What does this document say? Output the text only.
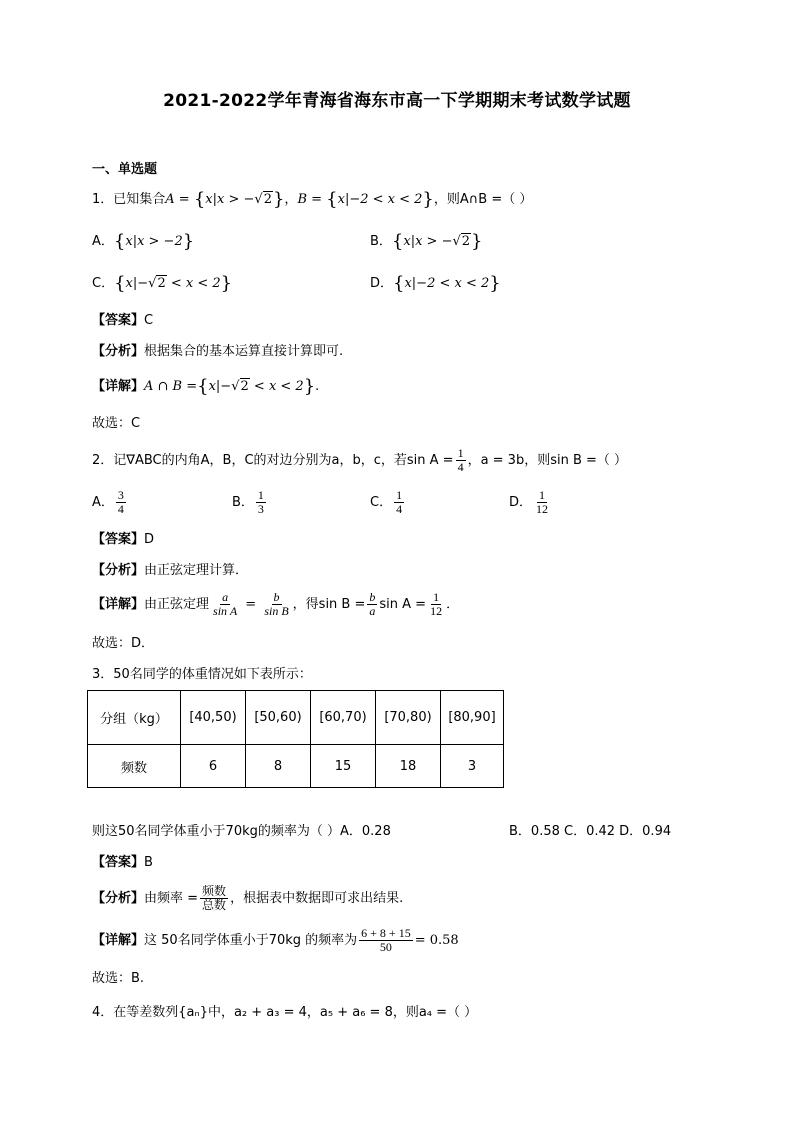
2021-2022学年青海省海东市高一下学期期末考试数学试题
一、单选题
1．已知集合A = {x|x > −√2}，B = {x|−2 < x < 2}，则A∩B =（ ）
A．{x|x > −2}	B．{x|x > −√2}
C．{x|−√2 < x < 2}	D．{x|−2 < x < 2}
【答案】C
【分析】根据集合的基本运算直接计算即可.
【详解】A ∩ B ={x|−√2 < x < 2}.
故选：C
2．记∇ABC的内角A，B，C的对边分别为a，b，c，若$\sin A = \frac{1}{4}$ ，a = 3b，则sin B =（ ）
A． $\frac{3}{4}$	B． $\frac{1}{3}$	C． $\frac{1}{4}$	D． $\frac{1}{12}$
【答案】D
【分析】由正弦定理计算．
【详解】由正弦定理 $\frac{a}{\text{sin A}} = \frac{b}{\text{sin B}}$ ，得$\sin B = \frac{b}{a}$ $\sin A = \frac{1}{12}$ ．
故选：D．
3．50名同学的体重情况如下表所示：
分组（kg）	[40,50)	[50,60)	[60,70)	[70,80)	[80,90]
频数	6	8	15	18	3
则这50名同学体重小于70kg的频率为（ ）A．0.28	B．0.58 C．0.42 D．0.94
【答案】B
【分析】由频率 = $\frac{\text{频数}}{\text{总数}}$ ，根据表中数据即可求出结果.
【详解】这 50名同学体重小于70kg 的频率为 $\frac{6 + 8 + 15}{50} = 0.58$
故选：B.
4．在等差数列{aₙ}中，a₂ + a₃ = 4，a₅ + a₆ = 8，则a₄ =（ ）
